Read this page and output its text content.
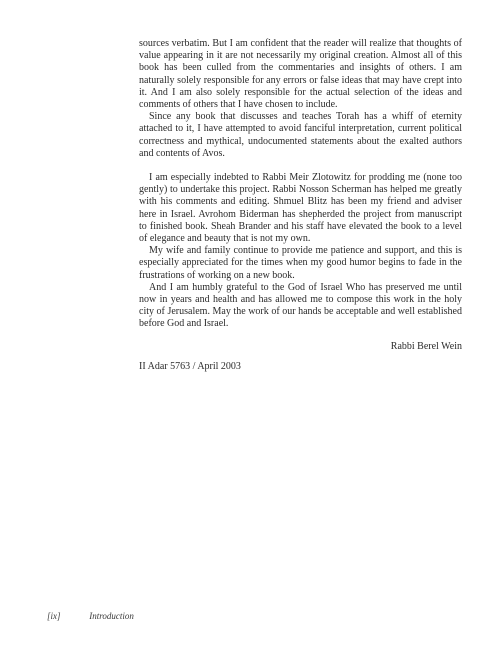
sources verbatim. But I am confident that the reader will realize that thoughts of value appearing in it are not necessarily my original creation. Almost all of this book has been culled from the commentaries and insights of others. I am naturally solely responsible for any errors or false ideas that may have crept into it. And I am also solely responsible for the actual selection of the ideas and comments of others that I have chosen to include.

Since any book that discusses and teaches Torah has a whiff of eternity attached to it, I have attempted to avoid fanciful interpretation, current political correctness and mythical, undocumented statements about the exalted authors and contents of Avos.

I am especially indebted to Rabbi Meir Zlotowitz for prodding me (none too gently) to undertake this project. Rabbi Nosson Scherman has helped me greatly with his comments and editing. Shmuel Blitz has been my friend and adviser here in Israel. Avrohom Biderman has shepherded the project from manuscript to finished book. Sheah Brander and his staff have elevated the book to a level of elegance and beauty that is not my own.

My wife and family continue to provide me patience and support, and this is especially appreciated for the times when my good humor begins to fade in the frustrations of working on a new book.

And I am humbly grateful to the God of Israel Who has preserved me until now in years and health and has allowed me to compose this work in the holy city of Jerusalem. May the work of our hands be acceptable and well established before God and Israel.

Rabbi Berel Wein
II Adar 5763 / April 2003
[ix]	Introduction
